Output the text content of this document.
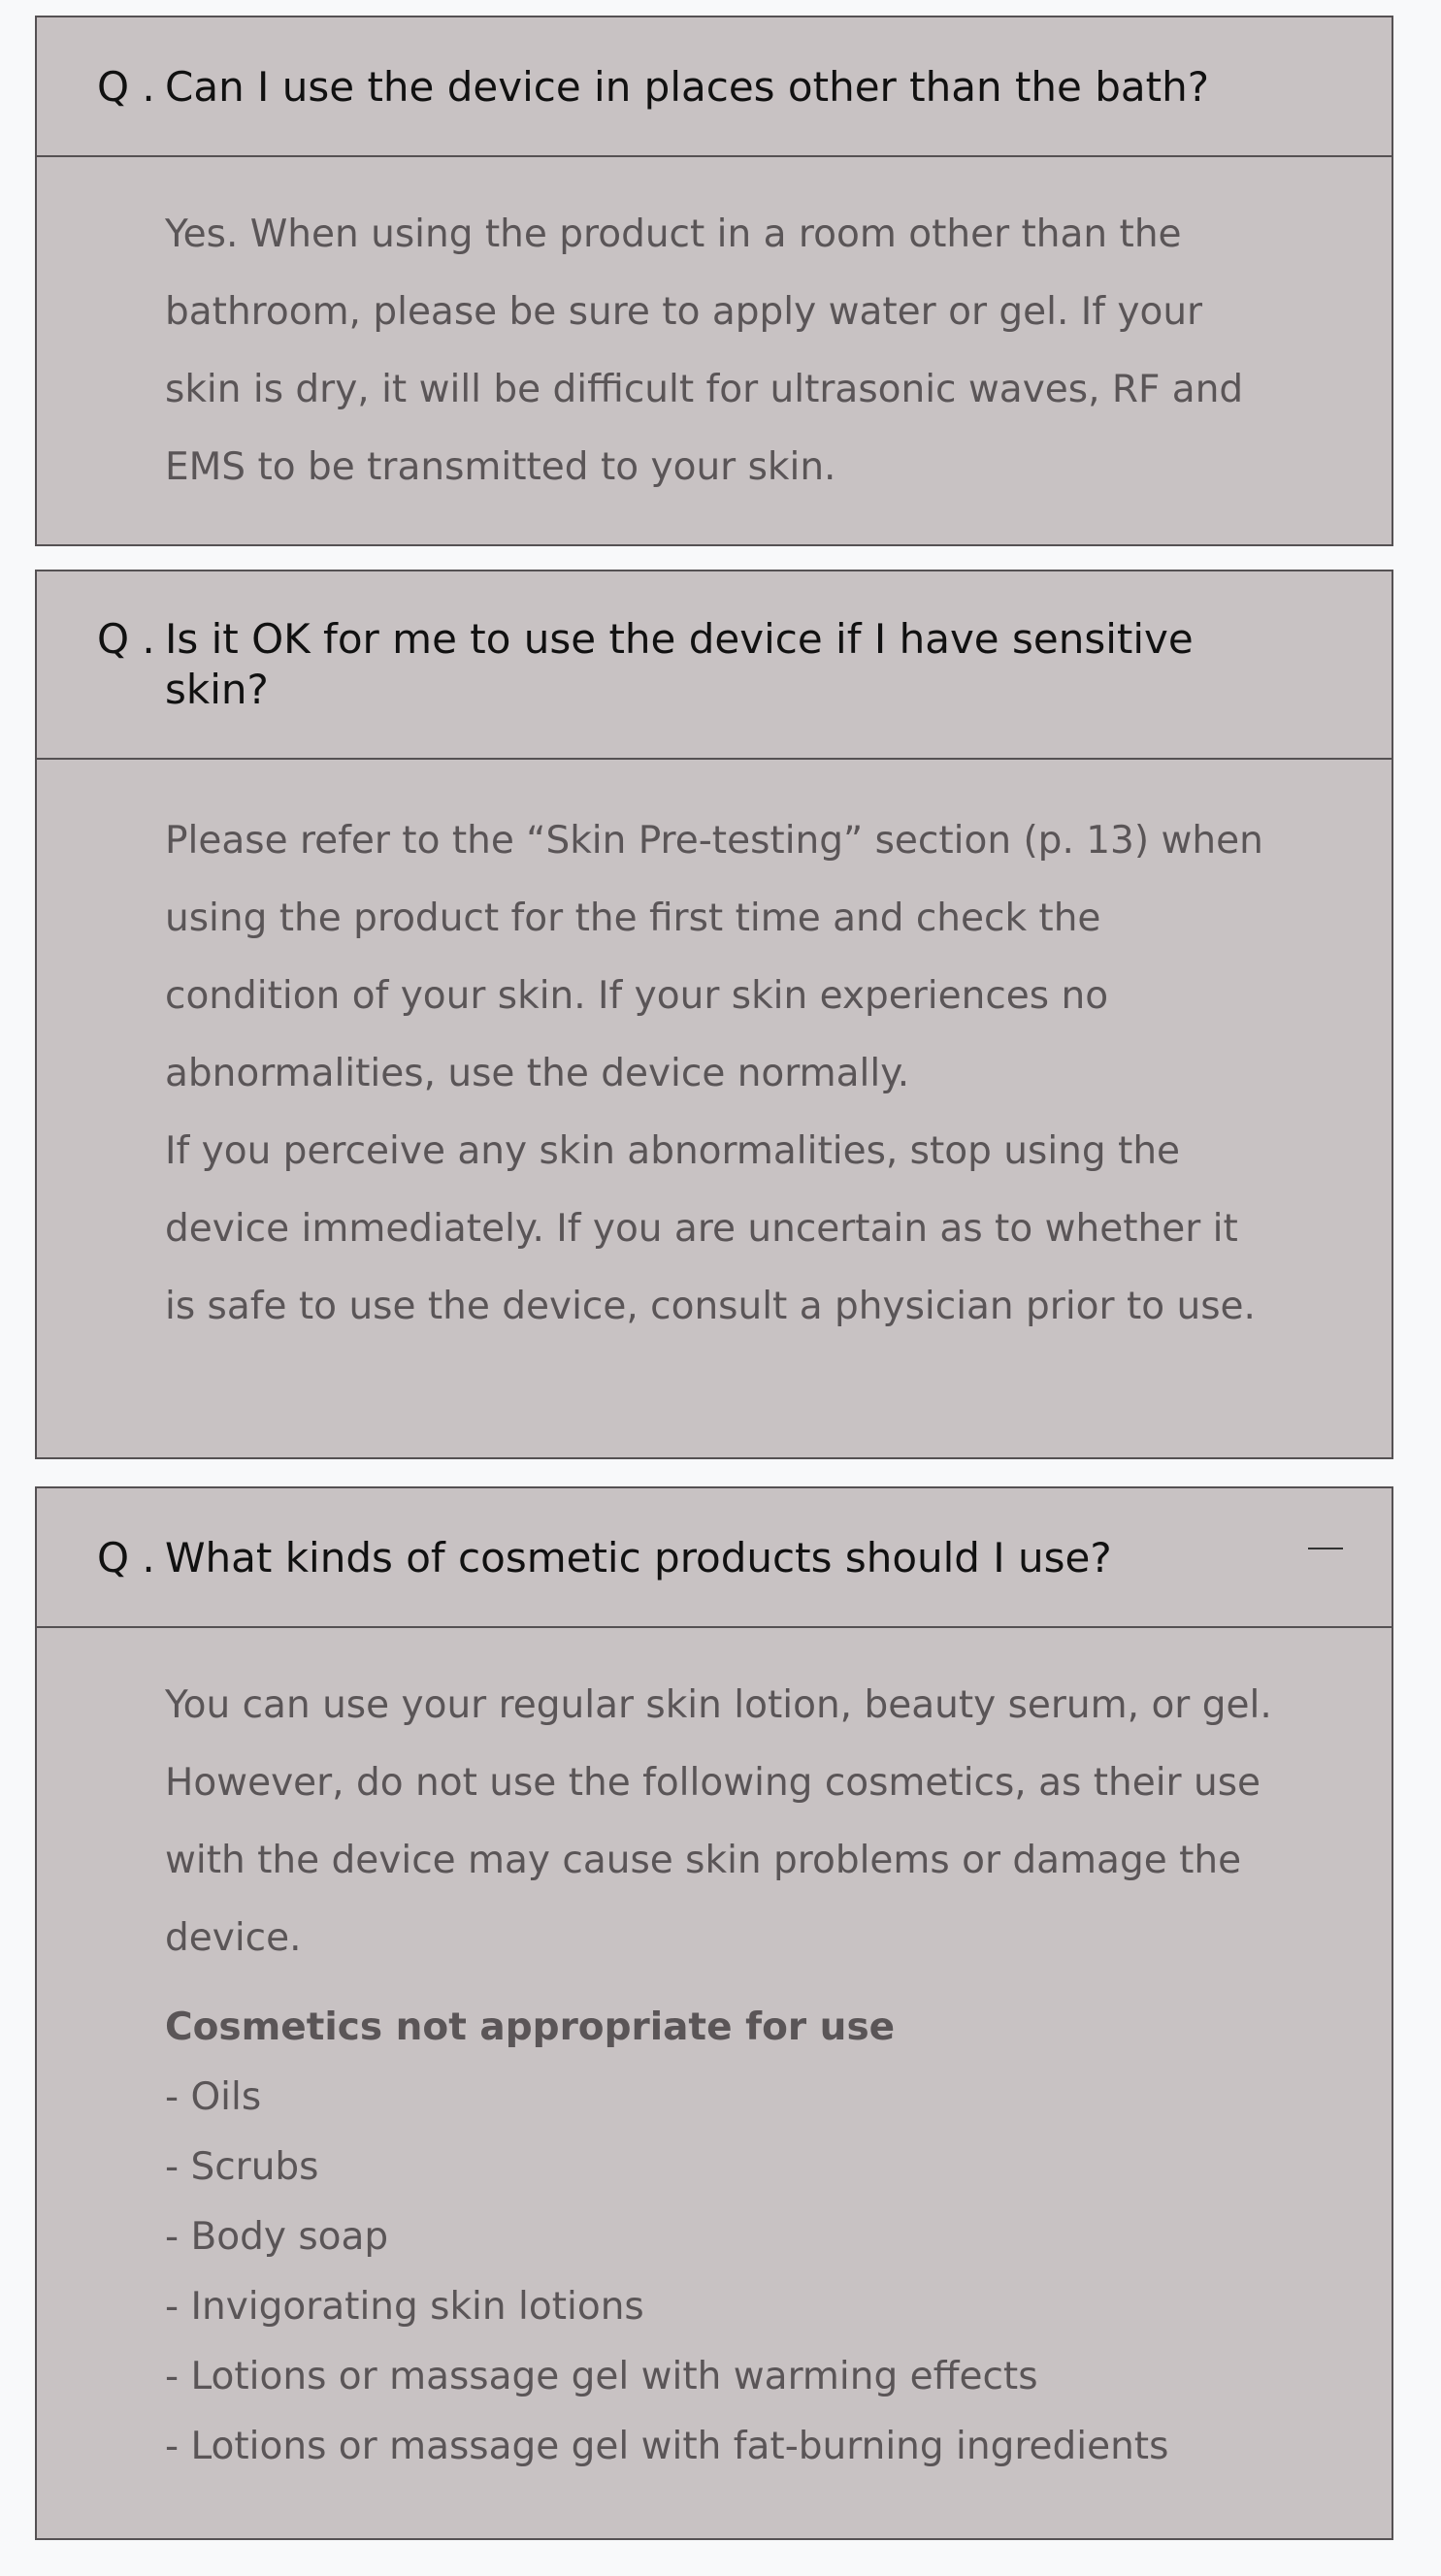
Q . Can I use the device in places other than the bath?

Yes. When using the product in a room other than the bathroom, please be sure to apply water or gel. If your skin is dry, it will be difficult for ultrasonic waves, RF and EMS to be transmitted to your skin.

Q . Is it OK for me to use the device if I have sensitive skin?

Please refer to the “Skin Pre-testing” section (p. 13) when using the product for the first time and check the condition of your skin. If your skin experiences no abnormalities, use the device normally.

If you perceive any skin abnormalities, stop using the device immediately. If you are uncertain as to whether it is safe to use the device, consult a physician prior to use.

Q . What kinds of cosmetic products should I use?

You can use your regular skin lotion, beauty serum, or gel. However, do not use the following cosmetics, as their use with the device may cause skin problems or damage the device.

Cosmetics not appropriate for use
- Oils
- Scrubs
- Body soap
- Invigorating skin lotions
- Lotions or massage gel with warming effects
- Lotions or massage gel with fat-burning ingredients
